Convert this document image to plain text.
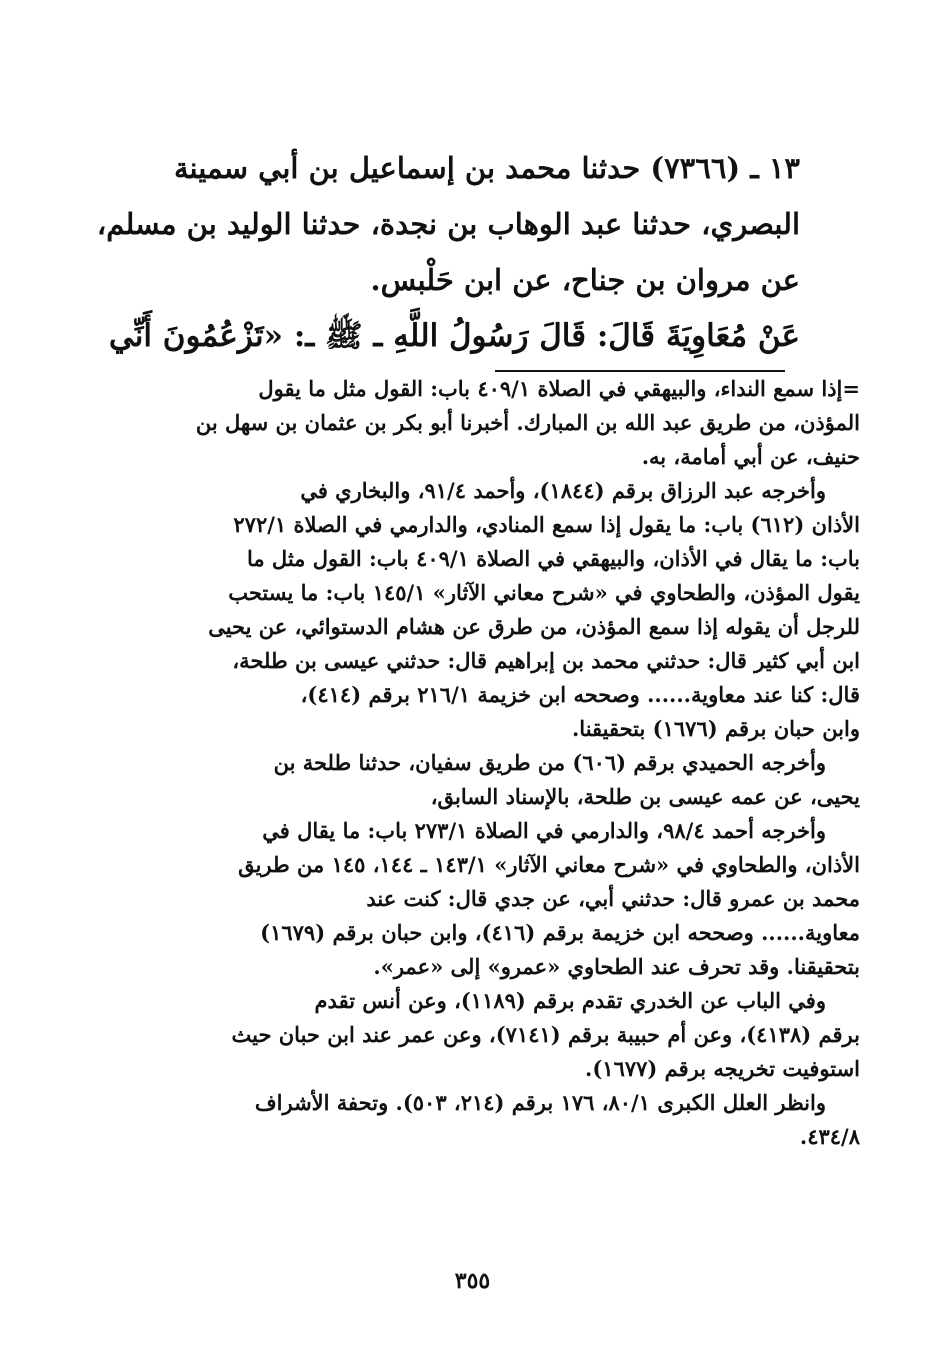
١٣ ـ (٧٣٦٦) حدثنا محمد بن إسماعيل بن أبي سمينة
البصري، حدثنا عبد الوهاب بن نجدة، حدثنا الوليد بن مسلم،
عن مروان بن جناح، عن ابن حَلْبس.
عَنْ مُعَاوِيَةَ قَالَ: قَالَ رَسُولُ اللَّهِ ـ ﷺ ـ: «تَزْعُمُونَ أَنِّي
=إذا سمع النداء، والبيهقي في الصلاة ٤٠٩/١ باب: القول مثل ما يقول
المؤذن، من طريق عبد الله بن المبارك. أخبرنا أبو بكر بن عثمان بن سهل بن
حنيف، عن أبي أمامة، به.
وأخرجه عبد الرزاق برقم (١٨٤٤)، وأحمد ٩١/٤، والبخاري في
الأذان (٦١٢) باب: ما يقول إذا سمع المنادي، والدارمي في الصلاة ٢٧٢/١
باب: ما يقال في الأذان، والبيهقي في الصلاة ٤٠٩/١ باب: القول مثل ما
يقول المؤذن، والطحاوي في «شرح معاني الآثار» ١٤٥/١ باب: ما يستحب
للرجل أن يقوله إذا سمع المؤذن، من طرق عن هشام الدستوائي، عن يحيى
ابن أبي كثير قال: حدثني محمد بن إبراهيم قال: حدثني عيسى بن طلحة،
قال: كنا عند معاوية...... وصححه ابن خزيمة ٢١٦/١ برقم (٤١٤)،
وابن حبان برقم (١٦٧٦) بتحقيقنا.
وأخرجه الحميدي برقم (٦٠٦) من طريق سفيان، حدثنا طلحة بن
يحيى، عن عمه عيسى بن طلحة، بالإسناد السابق،
وأخرجه أحمد ٩٨/٤، والدارمي في الصلاة ٢٧٣/١ باب: ما يقال في
الأذان، والطحاوي في «شرح معاني الآثار» ١٤٣/١ ـ ١٤٤، ١٤٥ من طريق
محمد بن عمرو قال: حدثني أبي، عن جدي قال: كنت عند
معاوية...... وصححه ابن خزيمة برقم (٤١٦)، وابن حبان برقم (١٦٧٩)
بتحقيقنا. وقد تحرف عند الطحاوي «عمرو» إلى «عمر».
وفي الباب عن الخدري تقدم برقم (١١٨٩)، وعن أنس تقدم
برقم (٤١٣٨)، وعن أم حبيبة برقم (٧١٤١)، وعن عمر عند ابن حبان حيث
استوفيت تخريجه برقم (١٦٧٧).
وانظر العلل الكبرى ٨٠/١، ١٧٦ برقم (٢١٤، ٥٠٣). وتحفة الأشراف
٤٣٤/٨.
٣٥٥
